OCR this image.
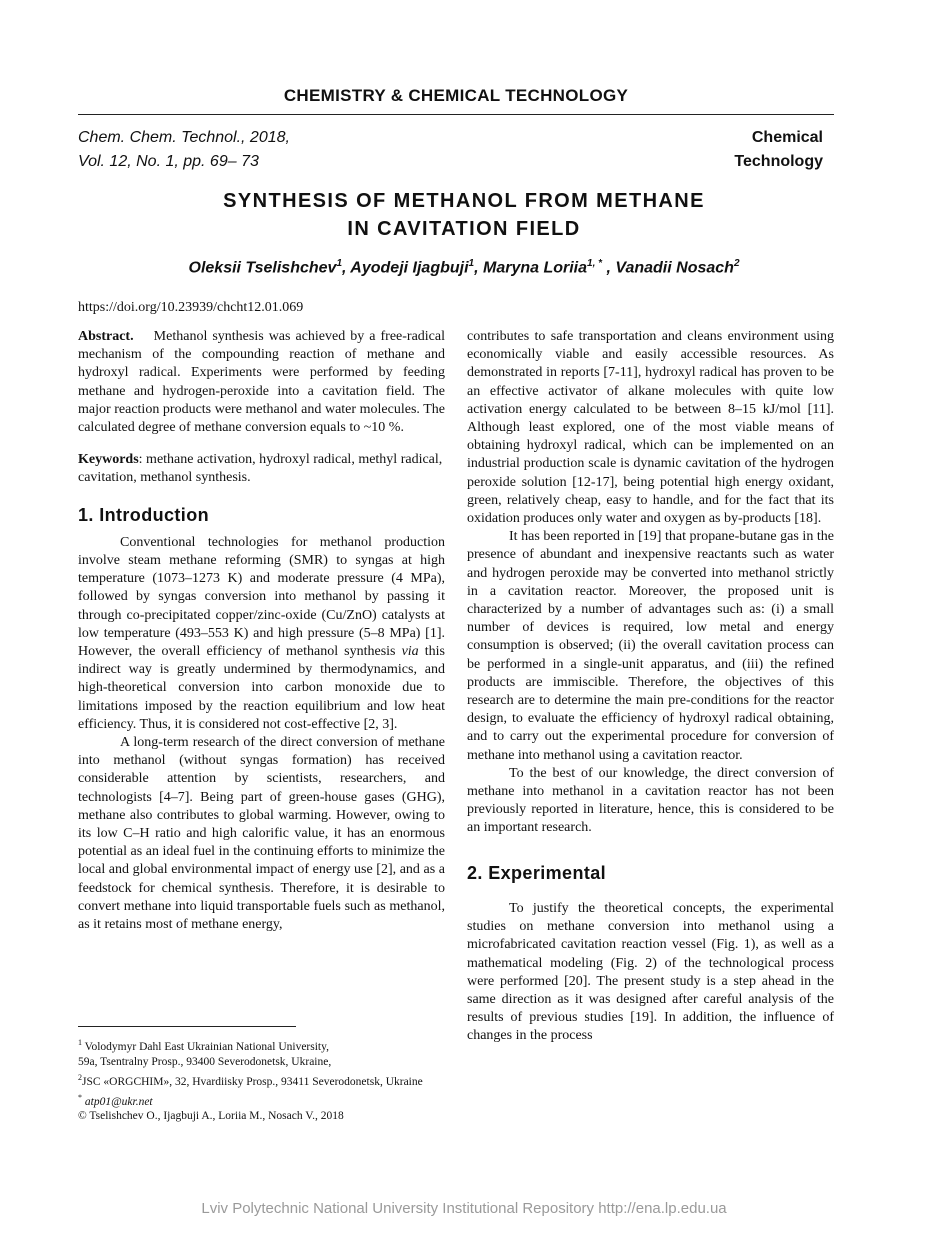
CHEMISTRY & CHEMICAL TECHNOLOGY
Chem. Chem. Technol., 2018,
Vol. 12, No. 1, pp. 69– 73
Chemical
Technology
SYNTHESIS OF METHANOL FROM METHANE
IN CAVITATION FIELD
Oleksii Tselishchev$^1$, Ayodeji Ijagbuji$^1$, Maryna Loriia$^{1, *}$ , Vanadii Nosach$^2$
https://doi.org/10.23939/chcht12.01.069

Abstract. Methanol synthesis was achieved by a free-radical mechanism of the compounding reaction of methane and hydroxyl radical. Experiments were performed by feeding methane and hydrogen-peroxide into a cavitation field. The major reaction products were methanol and water molecules. The calculated degree of methane conversion equals to ~10 %.

Keywords: methane activation, hydroxyl radical, methyl radical, cavitation, methanol synthesis.

1. Introduction

Conventional technologies for methanol production involve steam methane reforming (SMR) to syngas at high temperature (1073–1273 K) and moderate pressure (4 MPa), followed by syngas conversion into methanol by passing it through co-precipitated copper/zinc-oxide (Cu/ZnO) catalysts at low temperature (493–553 K) and high pressure (5–8 MPa) [1]. However, the overall efficiency of methanol synthesis via this indirect way is greatly undermined by thermodynamics, and high-theoretical conversion into carbon monoxide due to limitations imposed by the reaction equilibrium and low heat efficiency. Thus, it is considered not cost-effective [2, 3].

A long-term research of the direct conversion of methane into methanol (without syngas formation) has received considerable attention by scientists, researchers, and technologists [4–7]. Being part of green-house gases (GHG), methane also contributes to global warming. However, owing to its low C–H ratio and high calorific value, it has an enormous potential as an ideal fuel in the continuing efforts to minimize the local and global environmental impact of energy use [2], and as a feedstock for chemical synthesis. Therefore, it is desirable to convert methane into liquid transportable fuels such as methanol, as it retains most of methane energy,

contributes to safe transportation and cleans environment using economically viable and easily accessible resources. As demonstrated in reports [7-11], hydroxyl radical has proven to be an effective activator of alkane molecules with quite low activation energy calculated to be between 8–15 kJ/mol [11]. Although least explored, one of the most viable means of obtaining hydroxyl radical, which can be implemented on an industrial production scale is dynamic cavitation of the hydrogen peroxide solution [12-17], being potential high energy oxidant, green, relatively cheap, easy to handle, and for the fact that its oxidation produces only water and oxygen as by-products [18].

It has been reported in [19] that propane-butane gas in the presence of abundant and inexpensive reactants such as water and hydrogen peroxide may be converted into methanol strictly in a cavitation reactor. Moreover, the proposed unit is characterized by a number of advantages such as: (i) a small number of devices is required, low metal and energy consumption is observed; (ii) the overall cavitation process can be performed in a single-unit apparatus, and (iii) the refined products are immiscible. Therefore, the objectives of this research are to determine the main pre-conditions for the reactor design, to evaluate the efficiency of hydroxyl radical obtaining, and to carry out the experimental procedure for conversion of methane into methanol using a cavitation reactor.

To the best of our knowledge, the direct conversion of methane into methanol in a cavitation reactor has not been previously reported in literature, hence, this is considered to be an important research.

2. Experimental

To justify the theoretical concepts, the experimental studies on methane conversion into methanol using a microfabricated cavitation reaction vessel (Fig. 1), as well as a mathematical modeling (Fig. 2) of the technological process were performed [20]. The present study is a step ahead in the same direction as it was designed after careful analysis of the results of previous studies [19]. In addition, the influence of changes in the process

$^1$ Volodymyr Dahl East Ukrainian National University,
59a, Tsentralny Prosp., 93400 Severodonetsk, Ukraine,
$^2$JSC «ORGCHIM», 32, Hvardiisky Prosp., 93411 Severodonetsk, Ukraine
* atp01@ukr.net
© Tselishchev O., Ijagbuji A., Loriia M., Nosach V., 2018
Lviv Polytechnic National University Institutional Repository http://ena.lp.edu.ua
